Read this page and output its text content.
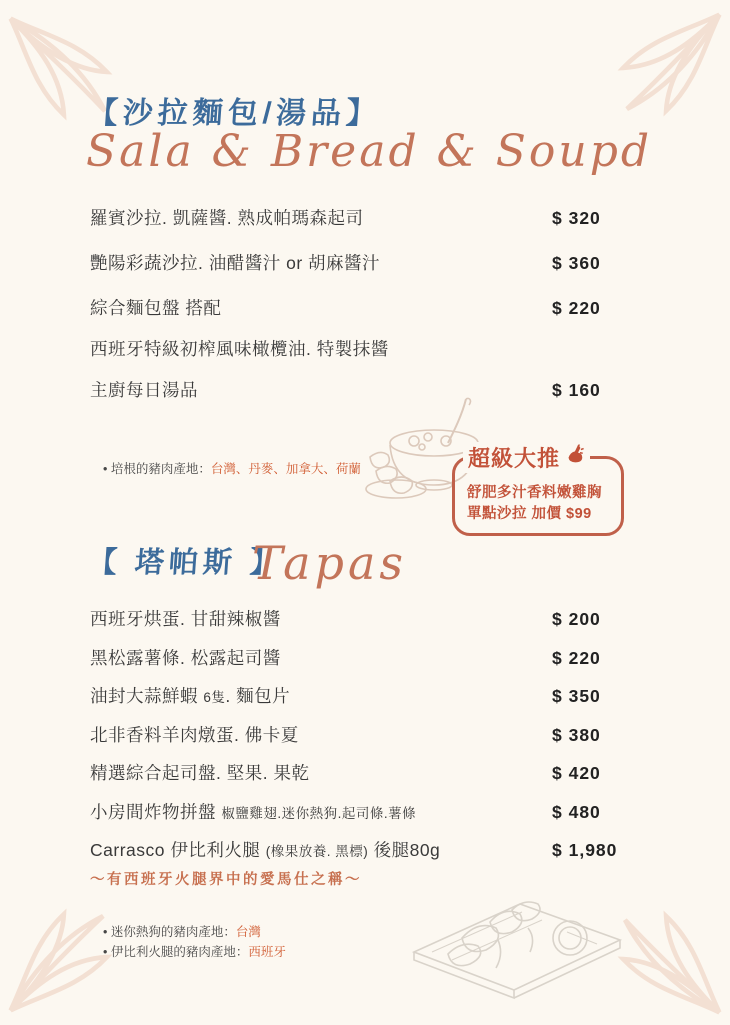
【沙拉麵包/湯品】
Sala & Bread & Soupd
羅賓沙拉. 凱薩醬. 熟成帕瑪森起司	$ 320
艷陽彩蔬沙拉. 油醋醬汁 or 胡麻醬汁	$ 360
綜合麵包盤 搭配	$ 220
西班牙特級初榨風味橄欖油. 特製抹醬
主廚每日湯品	$ 160
• 培根的豬肉產地：台灣、丹麥、加拿大、荷蘭	超級大推
舒肥多汁香料嫩雞胸
單點沙拉 加價 $99
【 塔帕斯 】
Tapas
西班牙烘蛋. 甘甜辣椒醬	$ 200
黑松露薯條. 松露起司醬	$ 220
油封大蒜鮮蝦 6隻. 麵包片	$ 350
北非香料羊肉燉蛋. 佛卡夏	$ 380
精選綜合起司盤. 堅果. 果乾	$ 420
小房間炸物拼盤 椒鹽雞翅.迷你熱狗.起司條.薯條	$ 480
Carrasco 伊比利火腿 (橡果放養. 黑標) 後腿80g	$ 1,980
～有西班牙火腿界中的愛馬仕之稱～
• 迷你熱狗的豬肉產地：台灣
• 伊比利火腿的豬肉產地：西班牙
